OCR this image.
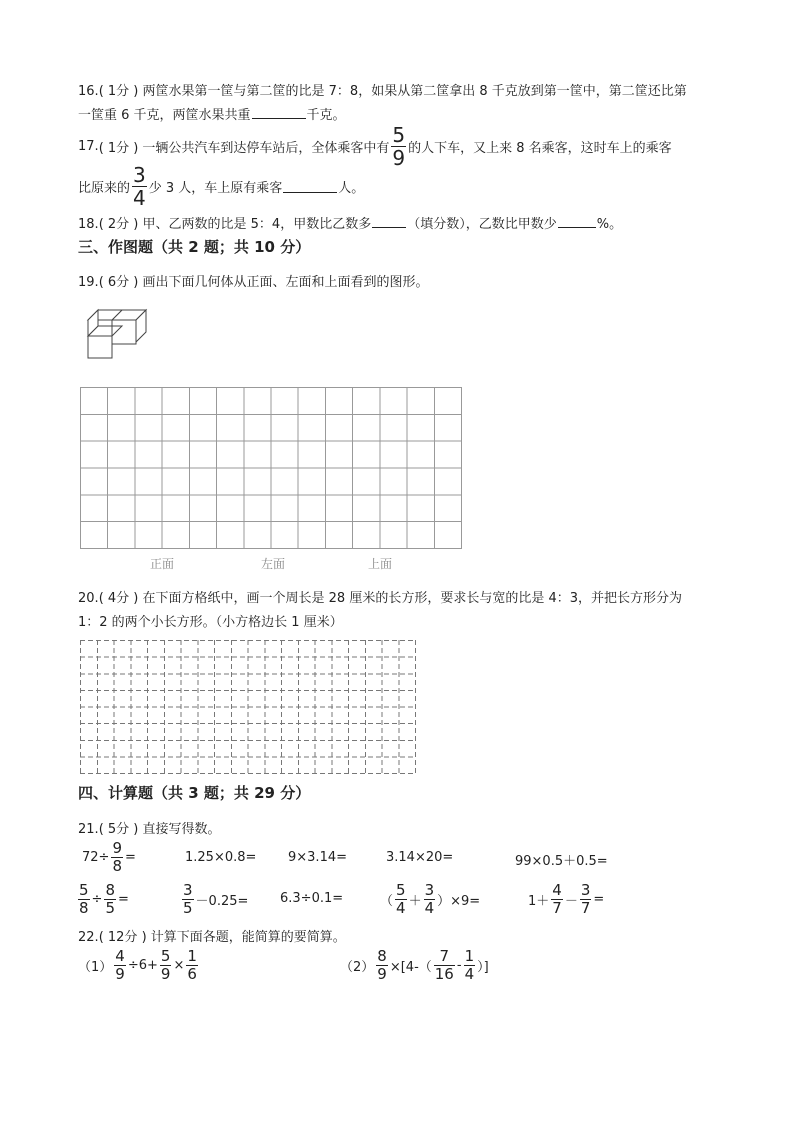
16.( 1分 ) 两筐水果第一筐与第二筐的比是 7：8，如果从第二筐拿出 8 千克放到第一筐中，第二筐还比第
一筐重 6 千克，两筐水果共重	千克。
17. ( 1分 ) 一辆公共汽车到达停车站后，全体乘客中有 $\frac{5}{9}$ 的人下车，又上来 8 名乘客，这时车上的乘客
比原来的 $\frac{3}{4}$ 少 3 人，车上原有乘客	人。
18.( 2分 ) 甲、乙两数的比是 5：4，甲数比乙数多	（填分数），乙数比甲数少	%。
三、作图题（共 2 题；共 10 分）
19.( 6分 ) 画出下面几何体从正面、左面和上面看到的图形。
正面	左面	上面
20.( 4分 ) 在下面方格纸中，画一个周长是 28 厘米的长方形，要求长与宽的比是 4：3，并把长方形分为
1：2 的两个小长方形。（小方格边长 1 厘米）
四、计算题（共 3 题；共 29 分）
21.( 5分 ) 直接写得数。
$72\div \frac{9}{8}$ =	1.25×0.8= 9×3.14=	3.14×20=	99×0.5＋0.5=
$\frac{5}{8} \div \frac{8}{5}$ =	$\frac{3}{5} -0.25= 6.3\div 0.1=$	（ $\frac{5}{4} + \frac{3}{4} )\times 9=$	$1+ \frac{4}{7} - \frac{3}{7}$ =
22.( 12分 ) 计算下面各题，能简算的要简算。
$(1) \frac{4}{9} \div 6+ \frac{5}{9} \times \frac{1}{6}$	$(2) \frac{8}{9} \times[4-( \frac{7}{16} - \frac{1}{4}$ ）]
